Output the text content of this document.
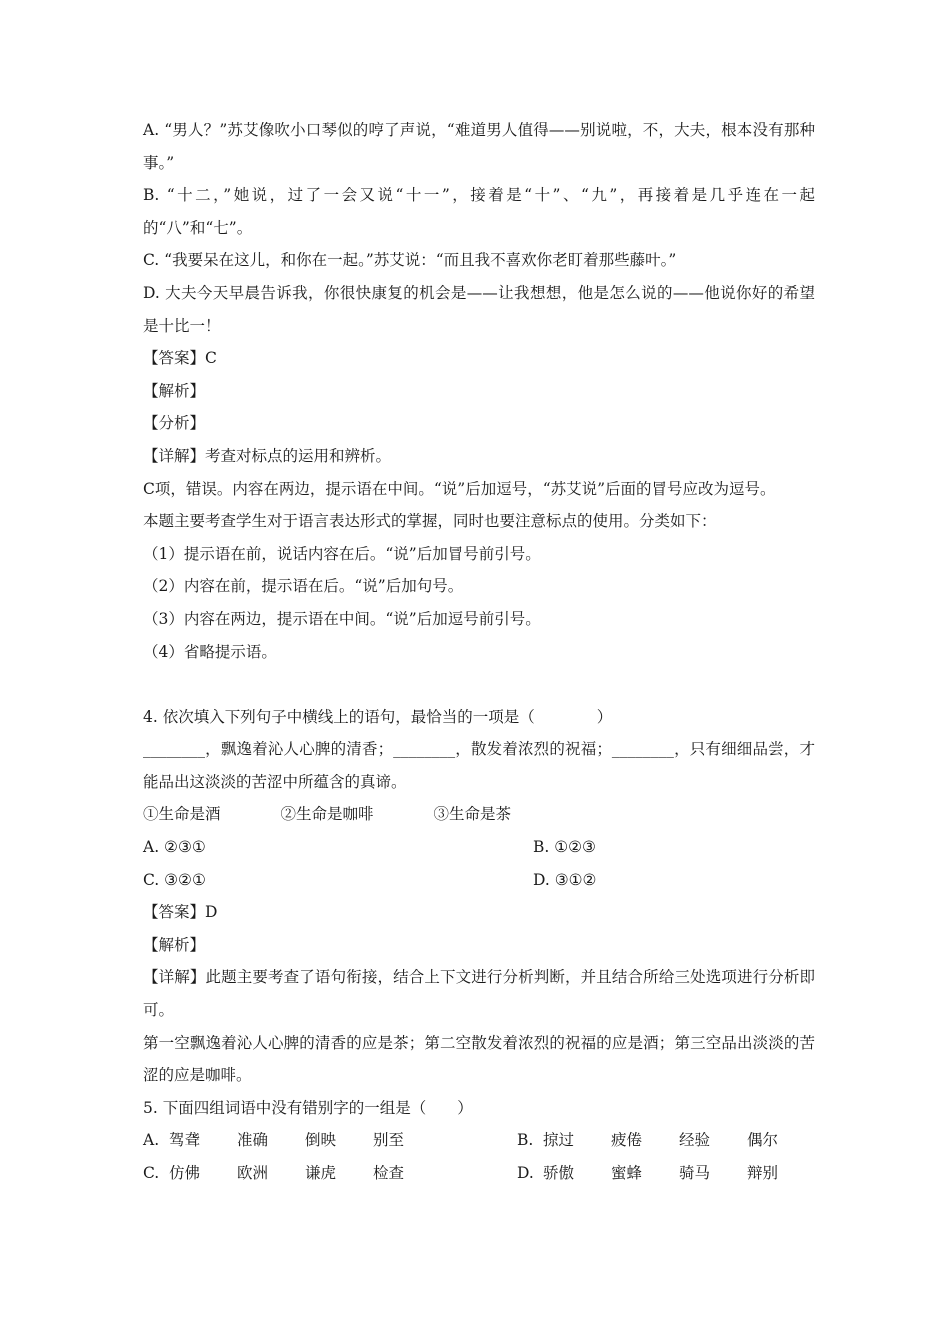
A. “男人？”苏艾像吹小口琴似的哼了声说，“难道男人值得——别说啦，不，大夫，根本没有那种事。”
B. “十二，”她说，过了一会又说“十一”，接着是“十”、“九”，再接着是几乎连在一起的“八”和“七”。
C. “我要呆在这儿，和你在一起。”苏艾说：“而且我不喜欢你老盯着那些藤叶。”
D. 大夫今天早晨告诉我，你很快康复的机会是——让我想想，他是怎么说的——他说你好的希望是十比一！
【答案】C
【解析】
【分析】
【详解】考查对标点的运用和辨析。
C项，错误。内容在两边，提示语在中间。“说”后加逗号，“苏艾说”后面的冒号应改为逗号。
本题主要考查学生对于语言表达形式的掌握，同时也要注意标点的使用。分类如下：
（1）提示语在前，说话内容在后。“说”后加冒号前引号。
（2）内容在前，提示语在后。“说”后加句号。
（3）内容在两边，提示语在中间。“说”后加逗号前引号。
（4）省略提示语。
4. 依次填入下列句子中横线上的语句，最恰当的一项是（　　　　）
________，飘逸着沁人心脾的清香；________，散发着浓烈的祝福；________，只有细细品尝，才能品出这淡淡的苦涩中所蕴含的真谛。
①生命是酒	②生命是咖啡	③生命是茶
A. ②③①	B. ①②③
C. ③②①	D. ③①②
【答案】D
【解析】
【详解】此题主要考查了语句衔接，结合上下文进行分析判断，并且结合所给三处选项进行分析即可。
第一空飘逸着沁人心脾的清香的应是茶；第二空散发着浓烈的祝福的应是酒；第三空品出淡淡的苦涩的应是咖啡。
5. 下面四组词语中没有错别字的一组是（　　）
A. 驾聋 准确 倒映 别至	B. 掠过 疲倦 经验 偶尔
C. 仿佛 欧洲 谦虎 检查	D. 骄傲 蜜蜂 骑马 辩别
